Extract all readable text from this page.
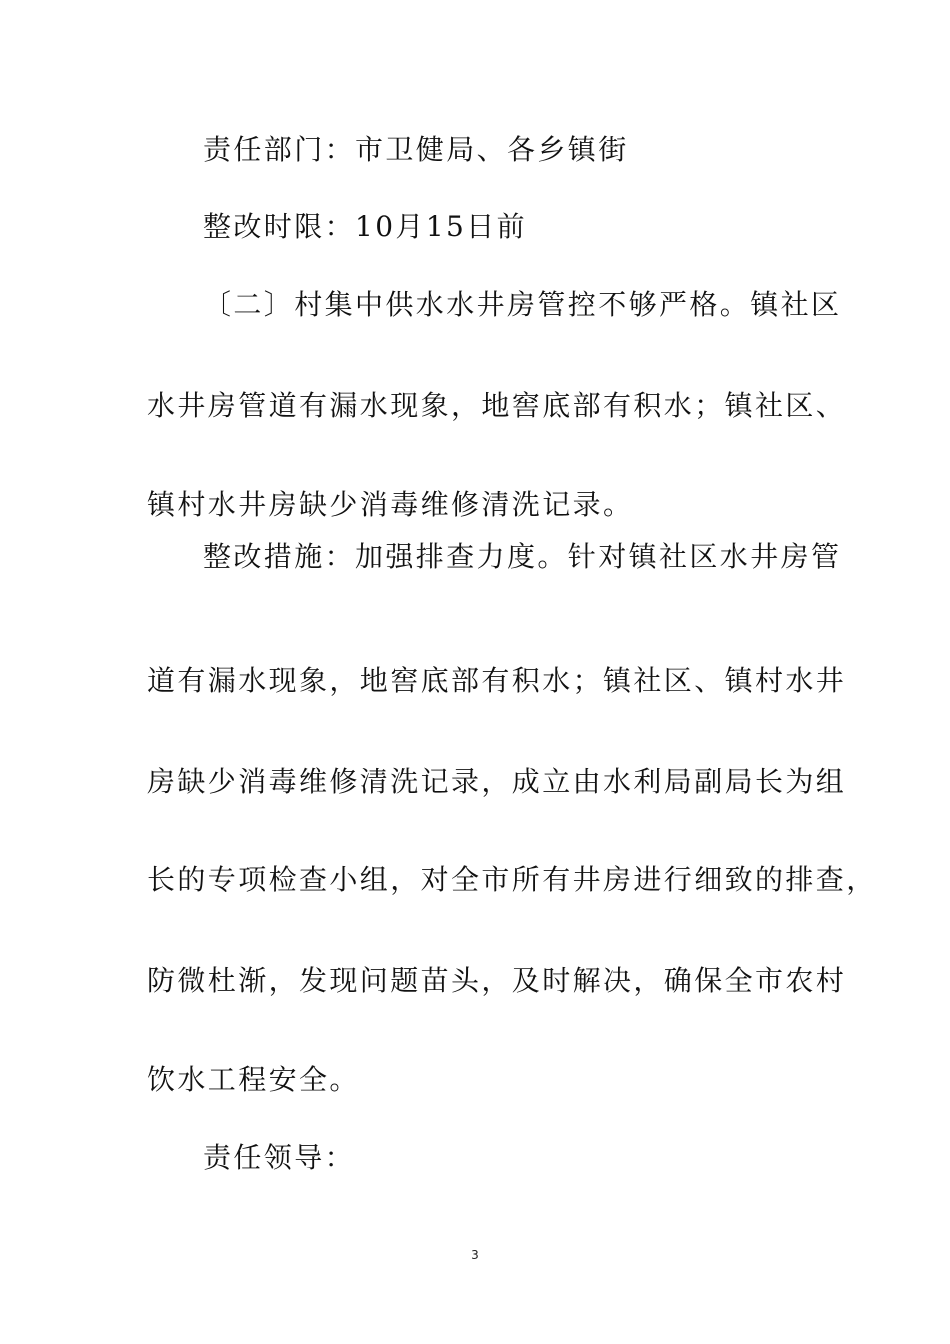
责任部门：市卫健局、各乡镇街
整改时限：10月15日前
〔二〕村集中供水水井房管控不够严格。镇社区
水井房管道有漏水现象，地窖底部有积水；镇社区、
镇村水井房缺少消毒维修清洗记录。
整改措施：加强排查力度。针对镇社区水井房管
道有漏水现象，地窖底部有积水；镇社区、镇村水井
房缺少消毒维修清洗记录，成立由水利局副局长为组
长的专项检查小组，对全市所有井房进行细致的排查，
防微杜渐，发现问题苗头，及时解决，确保全市农村
饮水工程安全。
责任领导：
3
